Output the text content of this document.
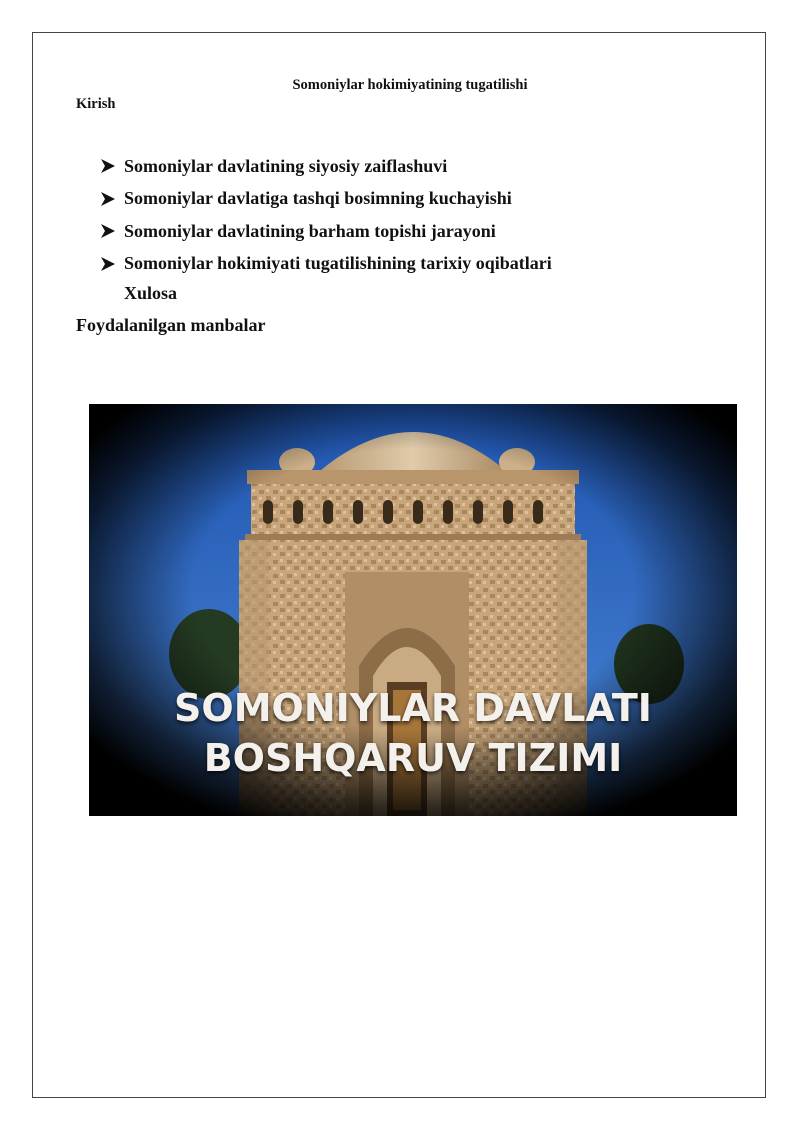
Somoniylar hokimiyatining tugatilishi
Kirish
Somoniylar davlatining siyosiy zaiflashuvi
Somoniylar davlatiga tashqi bosimning kuchayishi
Somoniylar davlatining barham topishi jarayoni
Somoniylar hokimiyati tugatilishining tarixiy oqibatlari
Xulosa
Foydalanilgan manbalar
SOMONIYLAR DAVLATI
BOSHQARUV TIZIMI
